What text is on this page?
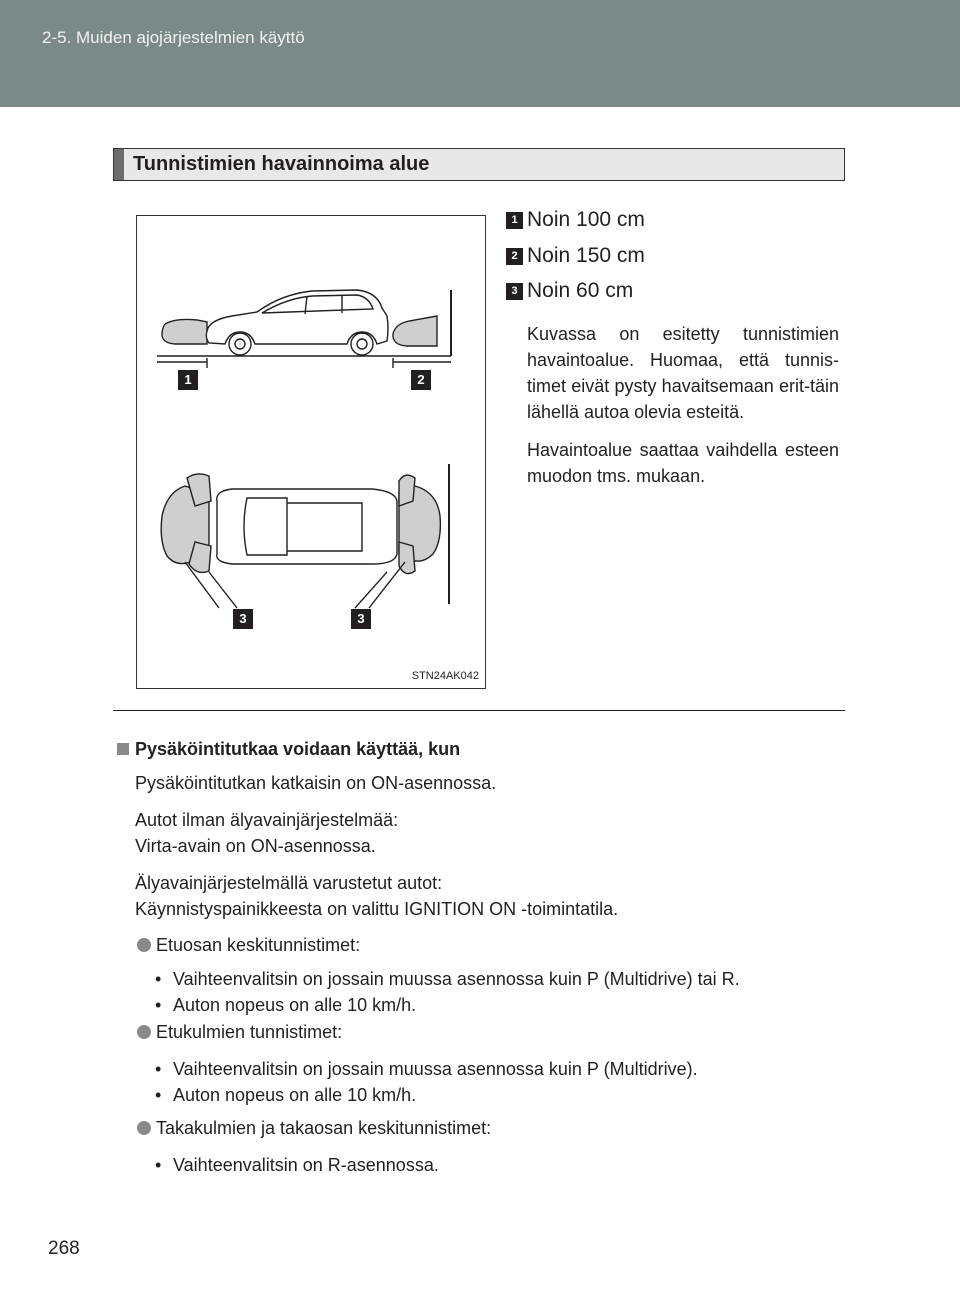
2-5. Muiden ajojärjestelmien käyttö
Tunnistimien havainnoima alue
1	2
3	3
STN24AK042
1 Noin 100 cm
2 Noin 150 cm
3 Noin 60 cm
Kuvassa on esitetty tunnistimien havaintoalue. Huomaa, että tunnis-timet eivät pysty havaitsemaan erit-täin lähellä autoa olevia esteitä.
Havaintoalue saattaa vaihdella esteen muodon tms. mukaan.
Pysäköintitutkaa voidaan käyttää, kun
Pysäköintitutkan katkaisin on ON-asennossa.
Autot ilman älyavainjärjestelmää:
Virta-avain on ON-asennossa.
Älyavainjärjestelmällä varustetut autot:
Käynnistyspainikkeesta on valittu IGNITION ON -toimintatila.
Etuosan keskitunnistimet:
• Vaihteenvalitsin on jossain muussa asennossa kuin P (Multidrive) tai R.
• Auton nopeus on alle 10 km/h.
Etukulmien tunnistimet:
• Vaihteenvalitsin on jossain muussa asennossa kuin P (Multidrive).
• Auton nopeus on alle 10 km/h.
Takakulmien ja takaosan keskitunnistimet:
• Vaihteenvalitsin on R-asennossa.
268
